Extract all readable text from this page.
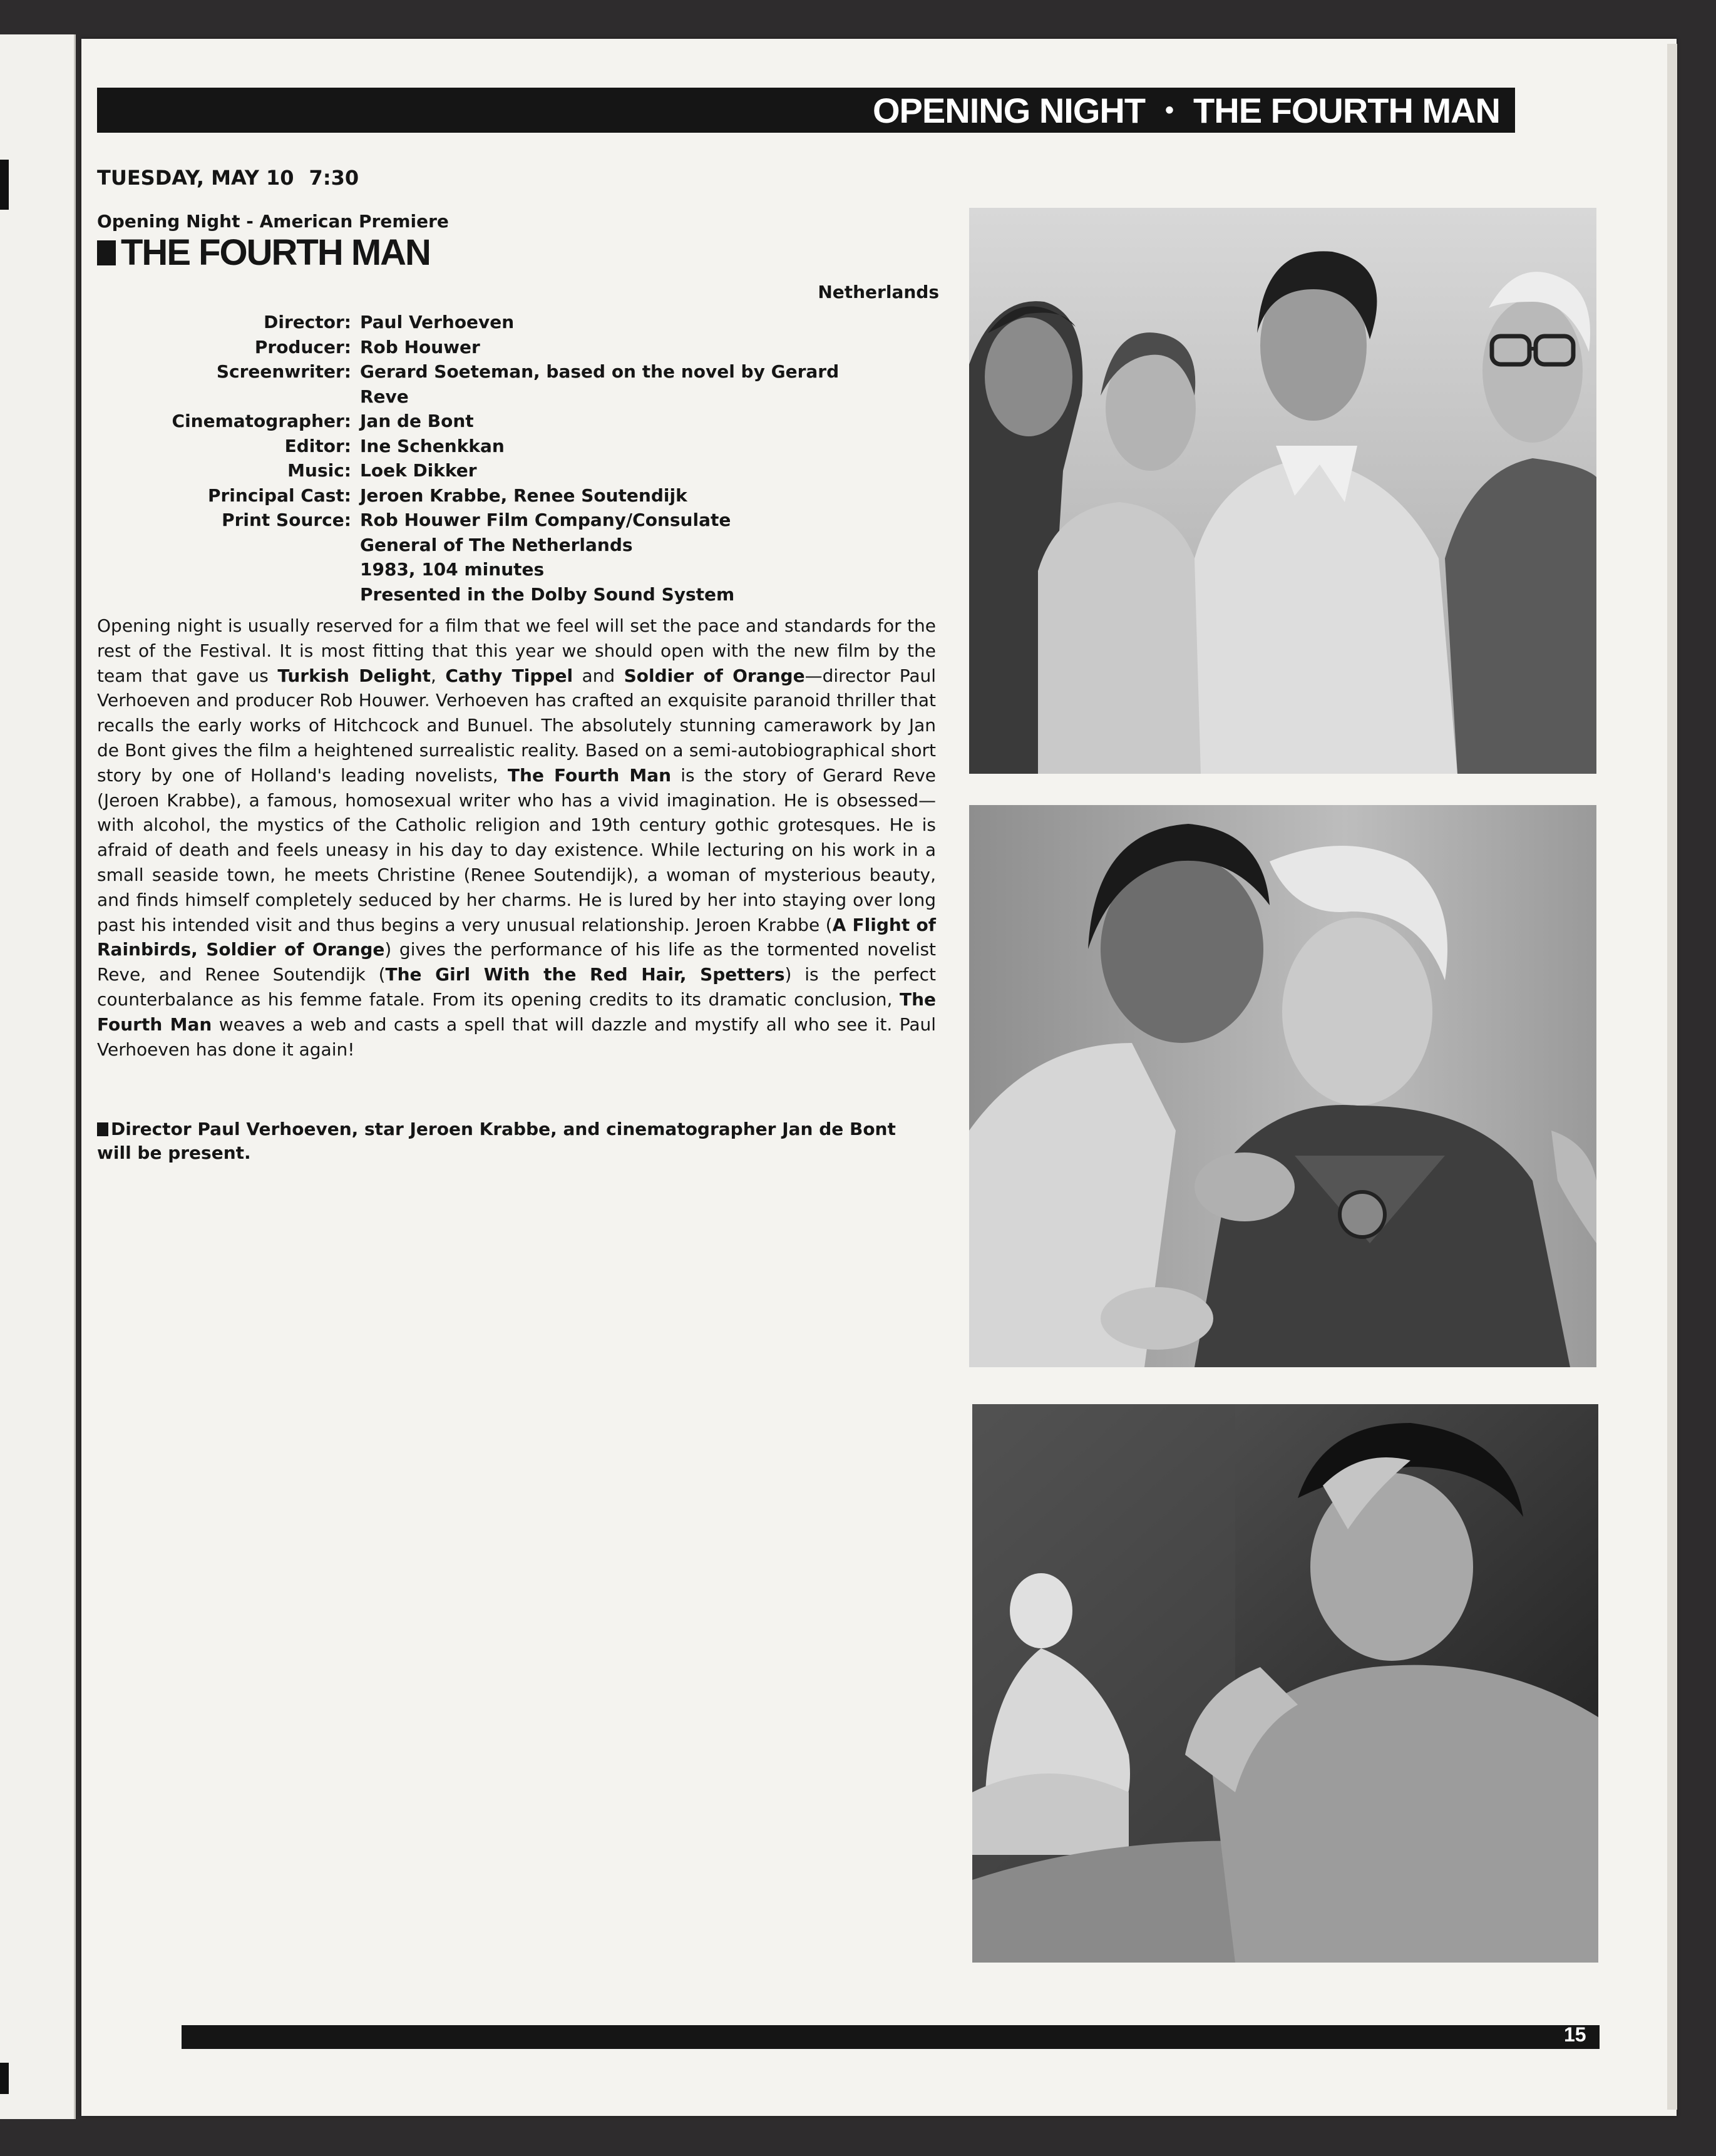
OPENING NIGHT • THE FOURTH MAN
TUESDAY, MAY 10 7:30
Opening Night - American Premiere
THE FOURTH MAN
Netherlands
Director: Paul Verhoeven
Producer: Rob Houwer
Screenwriter: Gerard Soeteman, based on the novel by Gerard Reve
Cinematographer: Jan de Bont
Editor: Ine Schenkkan
Music: Loek Dikker
Principal Cast: Jeroen Krabbe, Renee Soutendijk
Print Source: Rob Houwer Film Company/Consulate General of The Netherlands
1983, 104 minutes
Presented in the Dolby Sound System
Opening night is usually reserved for a film that we feel will set the pace and standards for the rest of the Festival. It is most fitting that this year we should open with the new film by the team that gave us Turkish Delight, Cathy Tippel and Soldier of Orange—director Paul Verhoeven and producer Rob Houwer. Verhoeven has crafted an exquisite paranoid thriller that recalls the early works of Hitchcock and Bunuel. The absolutely stunning camerawork by Jan de Bont gives the film a heightened surrealistic reality. Based on a semi-autobiographical short story by one of Holland's leading novelists, The Fourth Man is the story of Gerard Reve (Jeroen Krabbe), a famous, homosexual writer who has a vivid imagination. He is obsessed—with alcohol, the mystics of the Catholic religion and 19th century gothic grotesques. He is afraid of death and feels uneasy in his day to day existence. While lecturing on his work in a small seaside town, he meets Christine (Renee Soutendijk), a woman of mysterious beauty, and finds himself completely seduced by her charms. He is lured by her into staying over long past his intended visit and thus begins a very unusual relationship. Jeroen Krabbe (A Flight of Rainbirds, Soldier of Orange) gives the performance of his life as the tormented novelist Reve, and Renee Soutendijk (The Girl With the Red Hair, Spetters) is the perfect counterbalance as his femme fatale. From its opening credits to its dramatic conclusion, The Fourth Man weaves a web and casts a spell that will dazzle and mystify all who see it. Paul Verhoeven has done it again!
Director Paul Verhoeven, star Jeroen Krabbe, and cinematographer Jan de Bont will be present.
15
